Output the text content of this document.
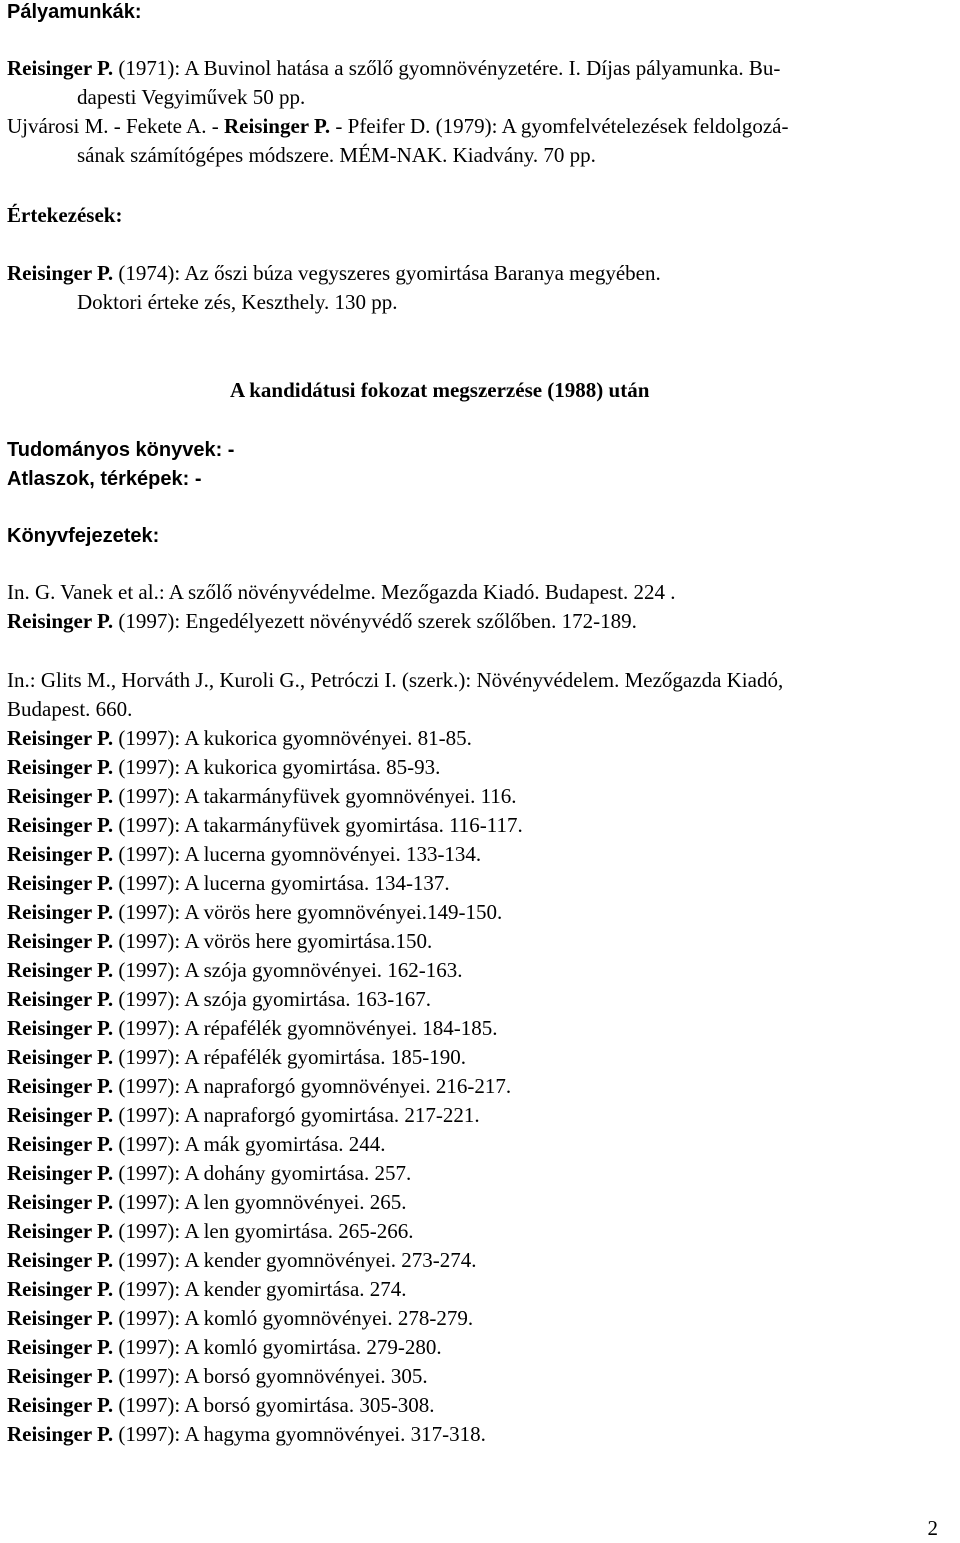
Pályamunkák:
Reisinger P. (1971): A Buvinol hatása a szőlő gyomnövényzetére. I. Díjas pályamunka. Bu-
dapesti Vegyiművek 50 pp.
Ujvárosi M. - Fekete A. - Reisinger P. - Pfeifer D. (1979): A gyomfelvételezések feldolgozá-
sának számítógépes módszere. MÉM-NAK. Kiadvány. 70 pp.
Értekezések:
Reisinger P. (1974): Az őszi búza vegyszeres gyomirtása Baranya megyében.
Doktori érteke zés, Keszthely. 130 pp.
A kandidátusi fokozat megszerzése (1988) után
Tudományos könyvek: -
Atlaszok, térképek: -
Könyvfejezetek:
In. G. Vanek et al.: A szőlő növényvédelme. Mezőgazda Kiadó. Budapest. 224 .
Reisinger P. (1997): Engedélyezett növényvédő szerek szőlőben. 172-189.
In.: Glits M., Horváth J., Kuroli G., Petróczi I. (szerk.): Növényvédelem. Mezőgazda Kiadó,
Budapest. 660.
Reisinger P. (1997): A kukorica gyomnövényei. 81-85.
Reisinger P. (1997): A kukorica gyomirtása. 85-93.
Reisinger P. (1997): A takarmányfüvek gyomnövényei. 116.
Reisinger P. (1997): A takarmányfüvek gyomirtása. 116-117.
Reisinger P. (1997): A lucerna gyomnövényei. 133-134.
Reisinger P. (1997): A lucerna gyomirtása. 134-137.
Reisinger P. (1997): A vörös here gyomnövényei.149-150.
Reisinger P. (1997): A vörös here gyomirtása.150.
Reisinger P. (1997): A szója gyomnövényei. 162-163.
Reisinger P. (1997): A szója gyomirtása. 163-167.
Reisinger P. (1997): A répafélék gyomnövényei. 184-185.
Reisinger P. (1997): A répafélék gyomirtása. 185-190.
Reisinger P. (1997): A napraforgó gyomnövényei. 216-217.
Reisinger P. (1997): A napraforgó gyomirtása. 217-221.
Reisinger P. (1997): A mák gyomirtása. 244.
Reisinger P. (1997): A dohány gyomirtása. 257.
Reisinger P. (1997): A len gyomnövényei. 265.
Reisinger P. (1997): A len gyomirtása. 265-266.
Reisinger P. (1997): A kender gyomnövényei. 273-274.
Reisinger P. (1997): A kender gyomirtása. 274.
Reisinger P. (1997): A komló gyomnövényei. 278-279.
Reisinger P. (1997): A komló gyomirtása. 279-280.
Reisinger P. (1997): A borsó gyomnövényei. 305.
Reisinger P. (1997): A borsó gyomirtása. 305-308.
Reisinger P. (1997): A hagyma gyomnövényei. 317-318.
2
